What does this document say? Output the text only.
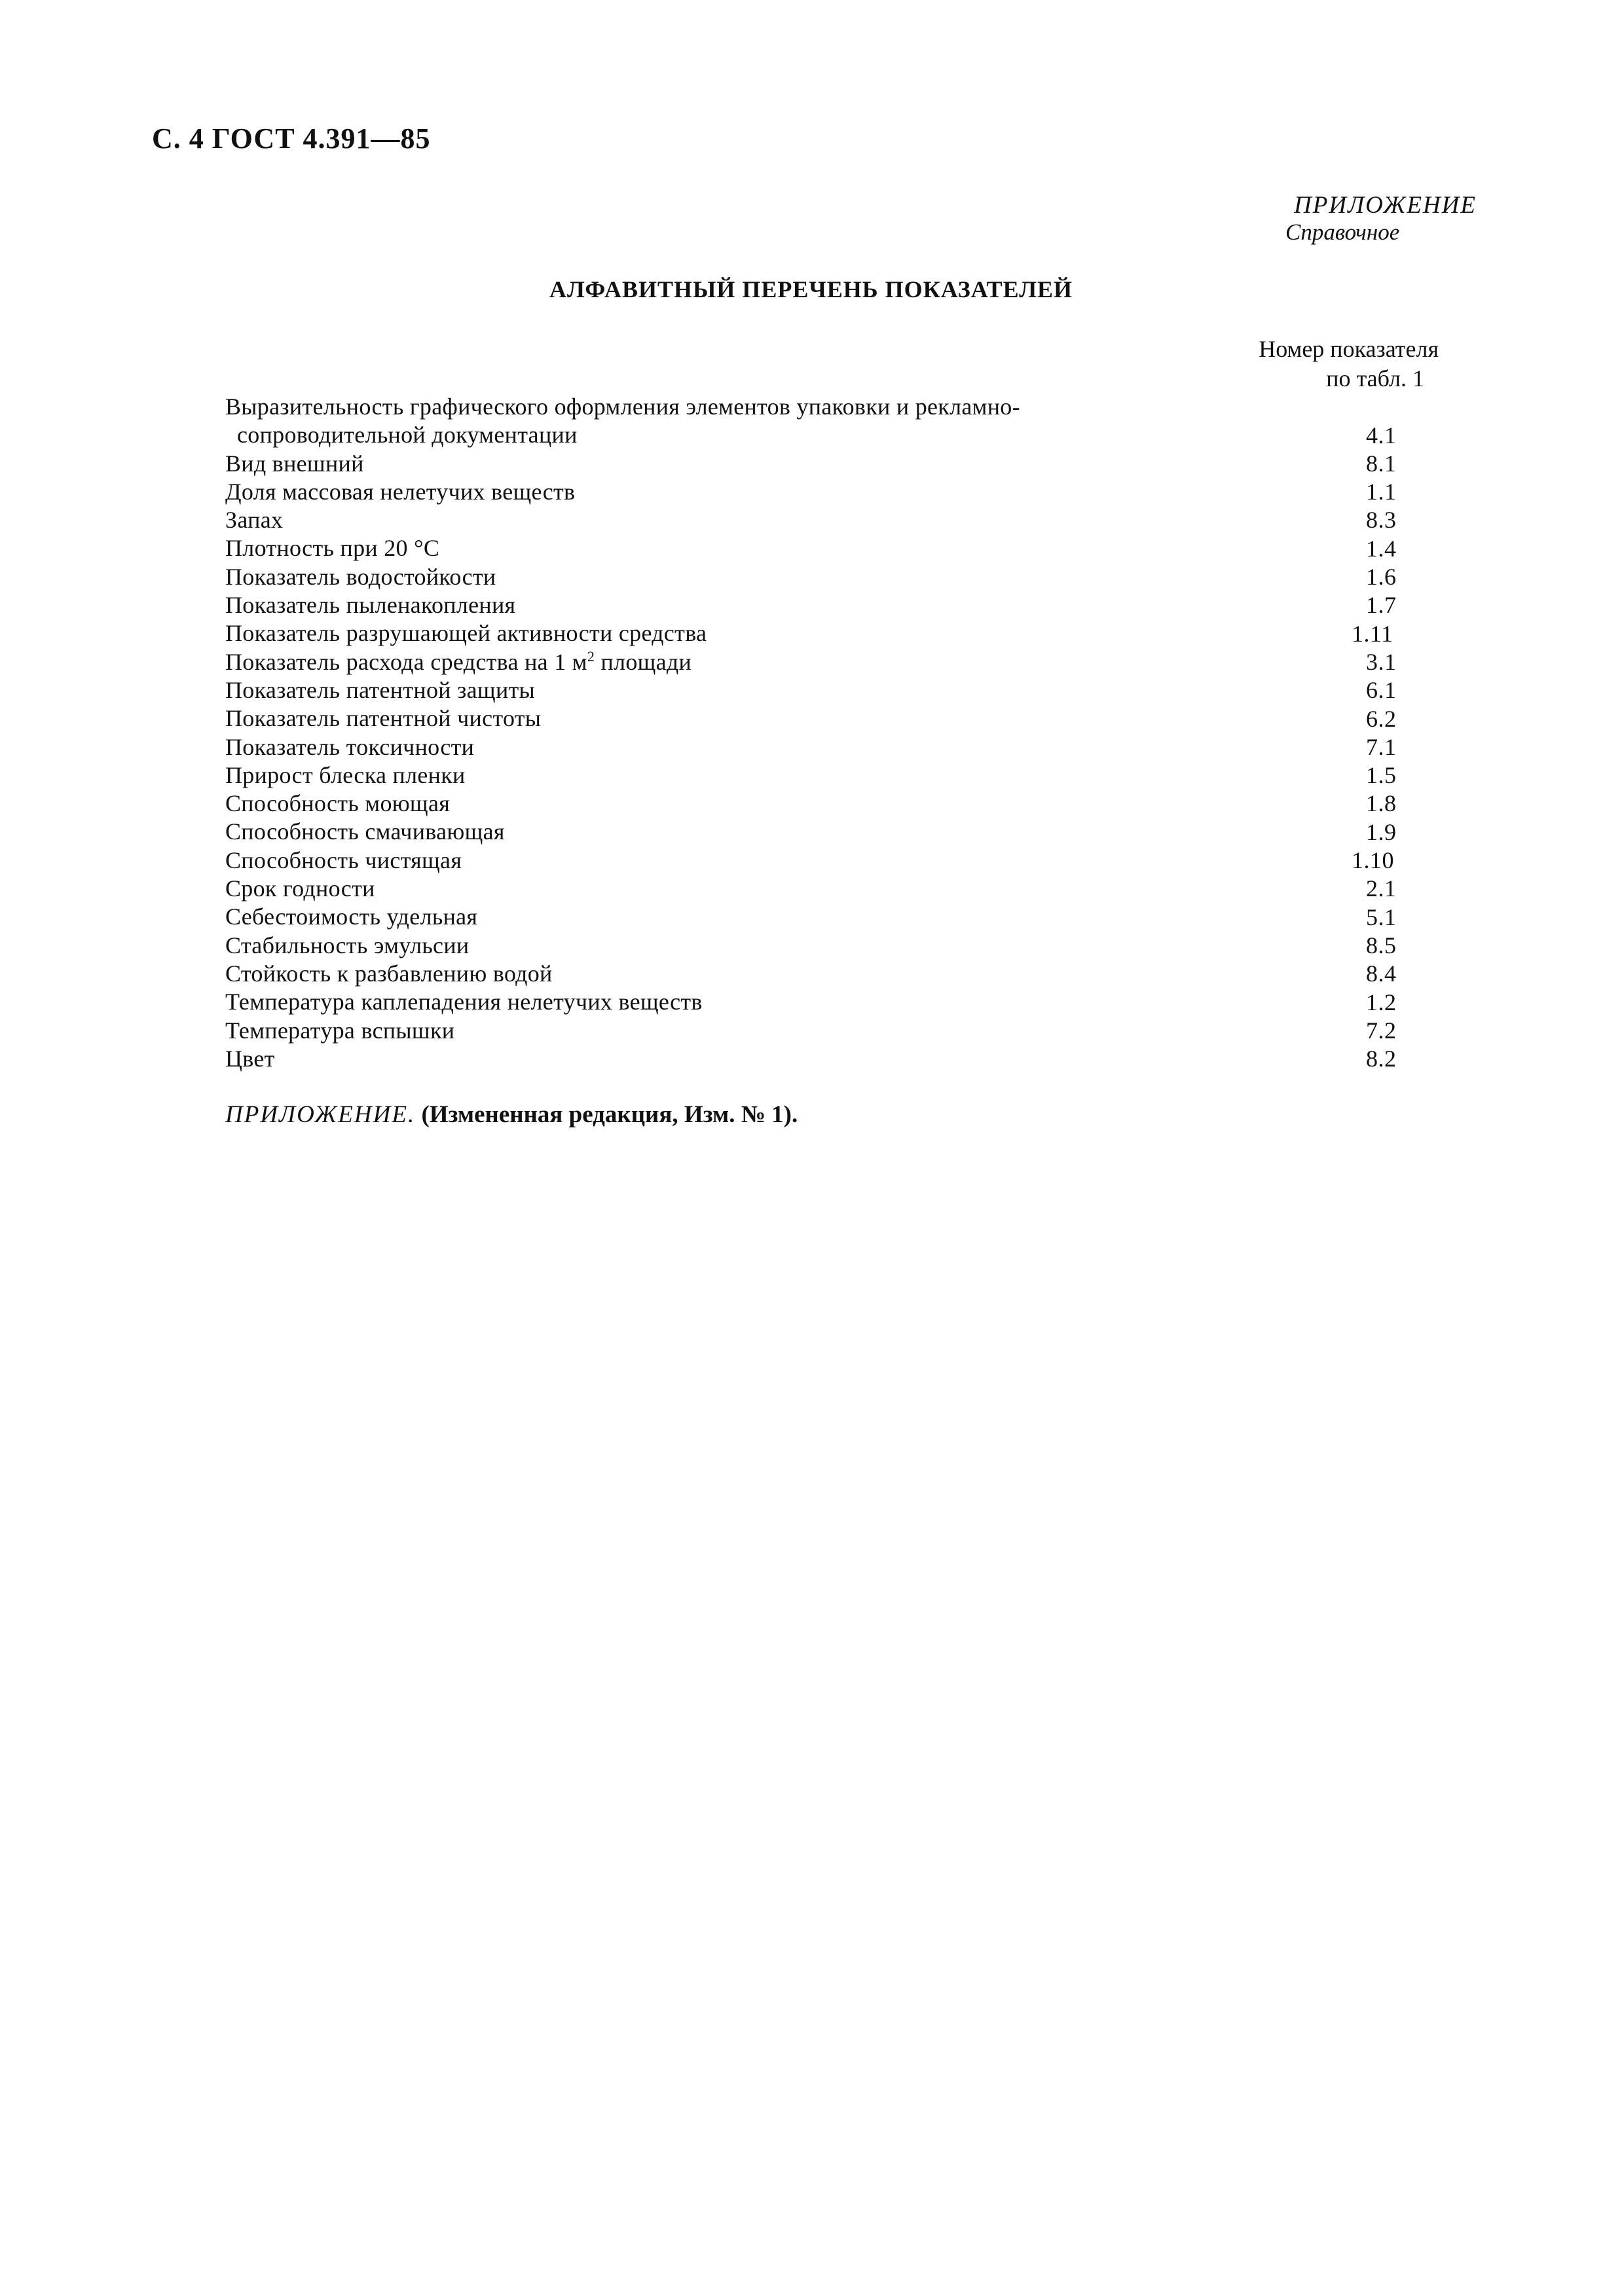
С. 4 ГОСТ 4.391—85
ПРИЛОЖЕНИЕ
Справочное
АЛФАВИТНЫЙ ПЕРЕЧЕНЬ ПОКАЗАТЕЛЕЙ
Номер показателя
по табл. 1
Выразительность графического оформления элементов упаковки и рекламно-
сопроводительной документации	4.1
Вид внешний	8.1
Доля массовая нелетучих веществ	1.1
Запах	8.3
Плотность при 20 °С	1.4
Показатель водостойкости	1.6
Показатель пыленакопления	1.7
Показатель разрушающей активности средства	1.11
Показатель расхода средства на 1 $м^2$ площади	3.1
Показатель патентной защиты	6.1
Показатель патентной чистоты	6.2
Показатель токсичности	7.1
Прирост блеска пленки	1.5
Способность моющая	1.8
Способность смачивающая	1.9
Способность чистящая	1.10
Срок годности	2.1
Себестоимость удельная	5.1
Стабильность эмульсии	8.5
Стойкость к разбавлению водой	8.4
Температура каплепадения нелетучих веществ	1.2
Температура вспышки	7.2
Цвет	8.2
ПРИЛОЖЕНИЕ. (Измененная редакция, Изм. № 1).
